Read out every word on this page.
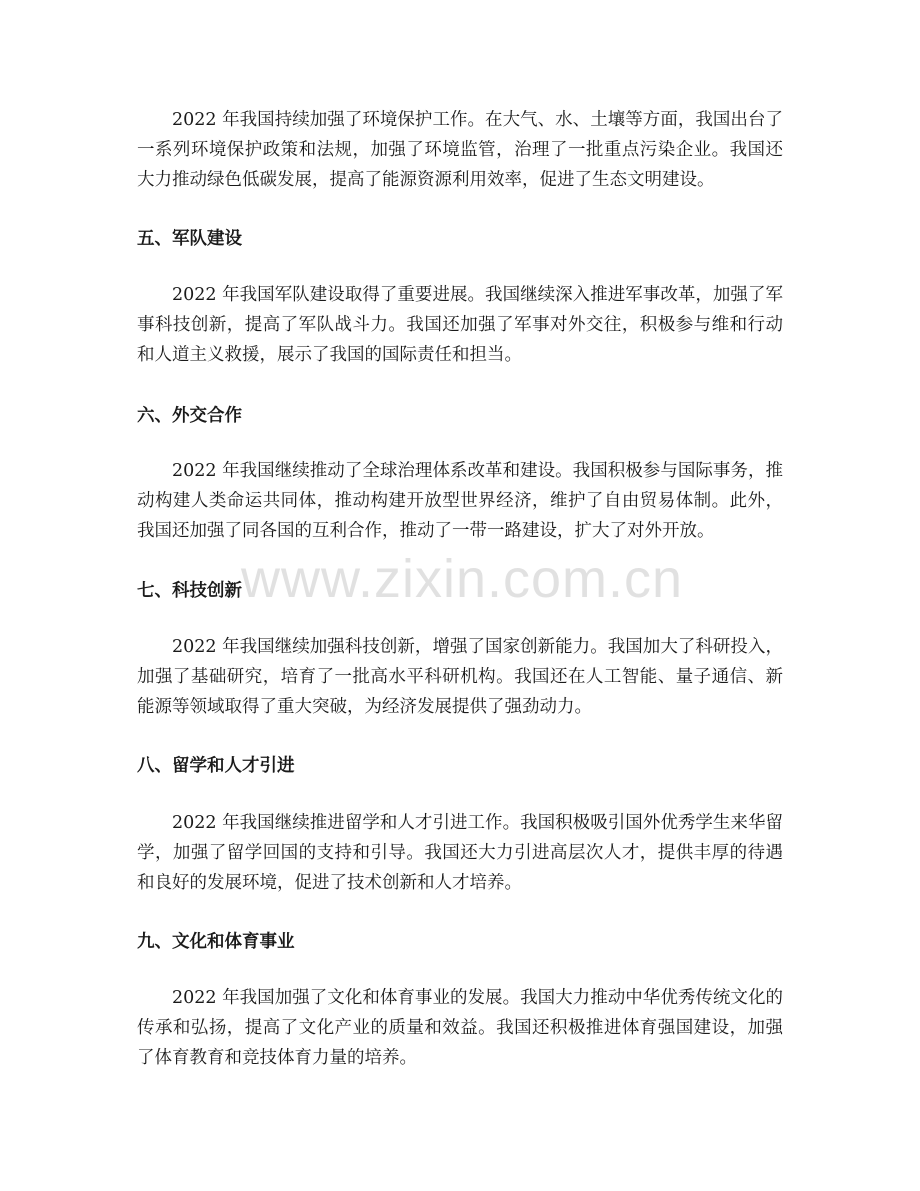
2022 年我国持续加强了环境保护工作。在大气、水、土壤等方面，我国出台了一系列环境保护政策和法规，加强了环境监管，治理了一批重点污染企业。我国还大力推动绿色低碳发展，提高了能源资源利用效率，促进了生态文明建设。

五、军队建设

2022 年我国军队建设取得了重要进展。我国继续深入推进军事改革，加强了军事科技创新，提高了军队战斗力。我国还加强了军事对外交往，积极参与维和行动和人道主义救援，展示了我国的国际责任和担当。

六、外交合作

2022 年我国继续推动了全球治理体系改革和建设。我国积极参与国际事务，推动构建人类命运共同体，推动构建开放型世界经济，维护了自由贸易体制。此外，我国还加强了同各国的互利合作，推动了一带一路建设，扩大了对外开放。

七、科技创新

2022 年我国继续加强科技创新，增强了国家创新能力。我国加大了科研投入，加强了基础研究，培育了一批高水平科研机构。我国还在人工智能、量子通信、新能源等领域取得了重大突破，为经济发展提供了强劲动力。

八、留学和人才引进

2022 年我国继续推进留学和人才引进工作。我国积极吸引国外优秀学生来华留学，加强了留学回国的支持和引导。我国还大力引进高层次人才，提供丰厚的待遇和良好的发展环境，促进了技术创新和人才培养。

九、文化和体育事业

2022 年我国加强了文化和体育事业的发展。我国大力推动中华优秀传统文化的传承和弘扬，提高了文化产业的质量和效益。我国还积极推进体育强国建设，加强了体育教育和竞技体育力量的培养。

www.zixin.com.cn
